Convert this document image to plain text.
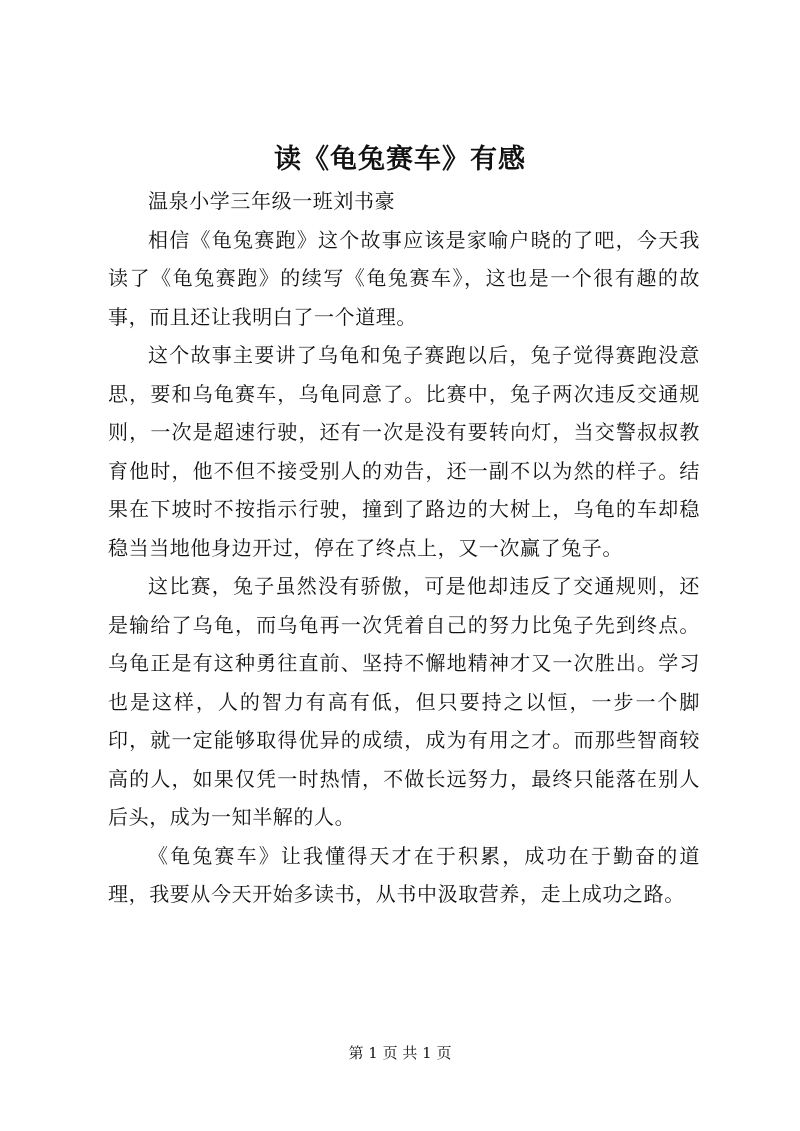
读《龟兔赛车》有感

温泉小学三年级一班刘书豪

相信《龟兔赛跑》这个故事应该是家喻户晓的了吧，今天我读了《龟兔赛跑》的续写《龟兔赛车》，这也是一个很有趣的故事，而且还让我明白了一个道理。

这个故事主要讲了乌龟和兔子赛跑以后，兔子觉得赛跑没意思，要和乌龟赛车，乌龟同意了。比赛中，兔子两次违反交通规则，一次是超速行驶，还有一次是没有要转向灯，当交警叔叔教育他时，他不但不接受别人的劝告，还一副不以为然的样子。结果在下坡时不按指示行驶，撞到了路边的大树上，乌龟的车却稳稳当当地他身边开过，停在了终点上，又一次赢了兔子。

这比赛，兔子虽然没有骄傲，可是他却违反了交通规则，还是输给了乌龟，而乌龟再一次凭着自己的努力比兔子先到终点。乌龟正是有这种勇往直前、坚持不懈地精神才又一次胜出。学习也是这样，人的智力有高有低，但只要持之以恒，一步一个脚印，就一定能够取得优异的成绩，成为有用之才。而那些智商较高的人，如果仅凭一时热情，不做长远努力，最终只能落在别人后头，成为一知半解的人。

《龟兔赛车》让我懂得天才在于积累，成功在于勤奋的道理，我要从今天开始多读书，从书中汲取营养，走上成功之路。

第 1 页 共 1 页
